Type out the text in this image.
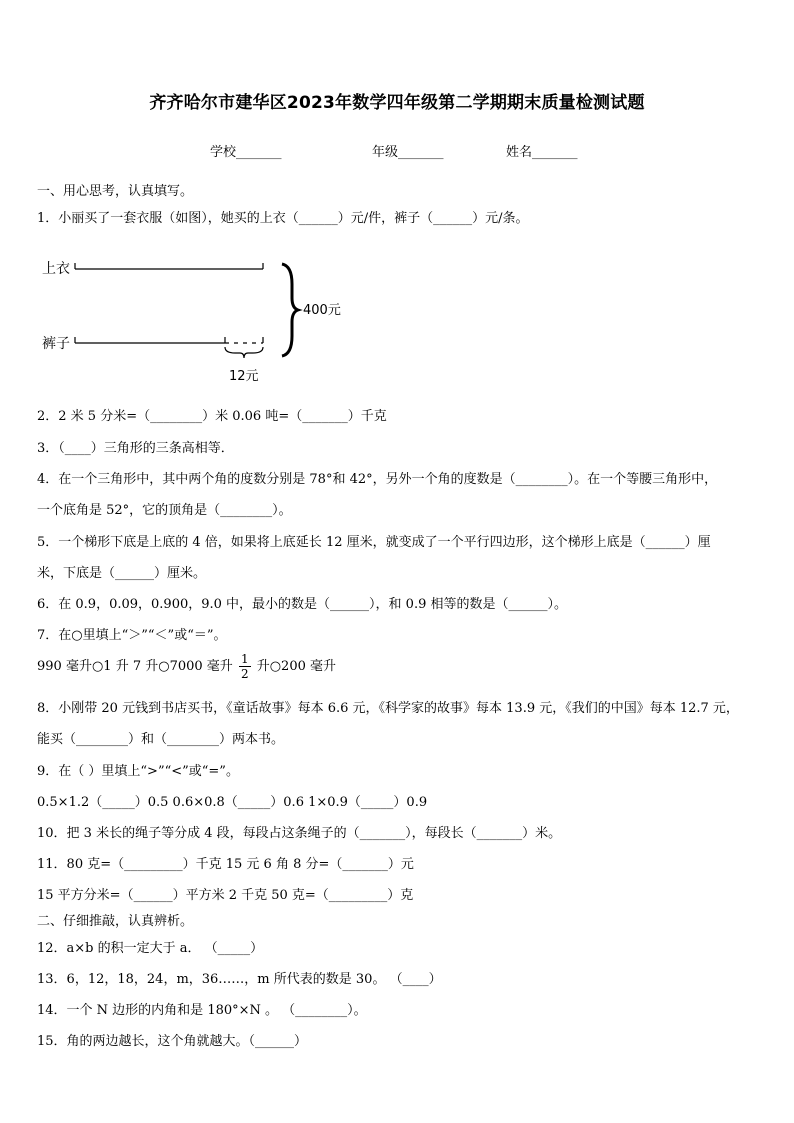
齐齐哈尔市建华区2023年数学四年级第二学期期末质量检测试题
学校_______	年级_______	姓名_______
一、用心思考，认真填写。
1．小丽买了一套衣服（如图），她买的上衣（______）元/件，裤子（______）元/条。
上衣
裤子
12元
400元
2．2 米 5 分米=（________）米 0.06 吨=（_______）千克
3．（____）三角形的三条高相等．
4．在一个三角形中，其中两个角的度数分别是 78°和 42°，另外一个角的度数是（________）。在一个等腰三角形中，
一个底角是 52°，它的顶角是（________）。
5．一个梯形下底是上底的 4 倍，如果将上底延长 12 厘米，就变成了一个平行四边形，这个梯形上底是（______）厘
米，下底是（______）厘米。
6．在 0.9，0.09，0.900，9.0 中，最小的数是（______），和 0.9 相等的数是（______）。
7．在○里填上“＞”“＜”或“＝”。
990 毫升○1 升 7 升○7000 毫升 $\frac{1}{2}$ 升○200 毫升
8．小刚带 20 元钱到书店买书，《童话故事》每本 6.6 元，《科学家的故事》每本 13.9 元，《我们的中国》每本 12.7 元，
能买（________）和（________）两本书。
9．在（ ）里填上“>”“<”或“=”。
0.5×1.2（_____）0.5 0.6×0.8（_____）0.6 1×0.9（_____）0.9
10．把 3 米长的绳子等分成 4 段，每段占这条绳子的（_______），每段长（_______）米。
11．80 克=（_________）千克 15 元 6 角 8 分=（_______）元
15 平方分米=（______）平方米 2 千克 50 克=（_________）克
二、仔细推敲，认真辨析。
12．a×b 的积一定大于 a． （_____）
13．6，12，18，24，m，36……，m 所代表的数是 30。 （____）
14．一个 N 边形的内角和是 180°×N 。 （________）。
15．角的两边越长，这个角就越大。（______）
